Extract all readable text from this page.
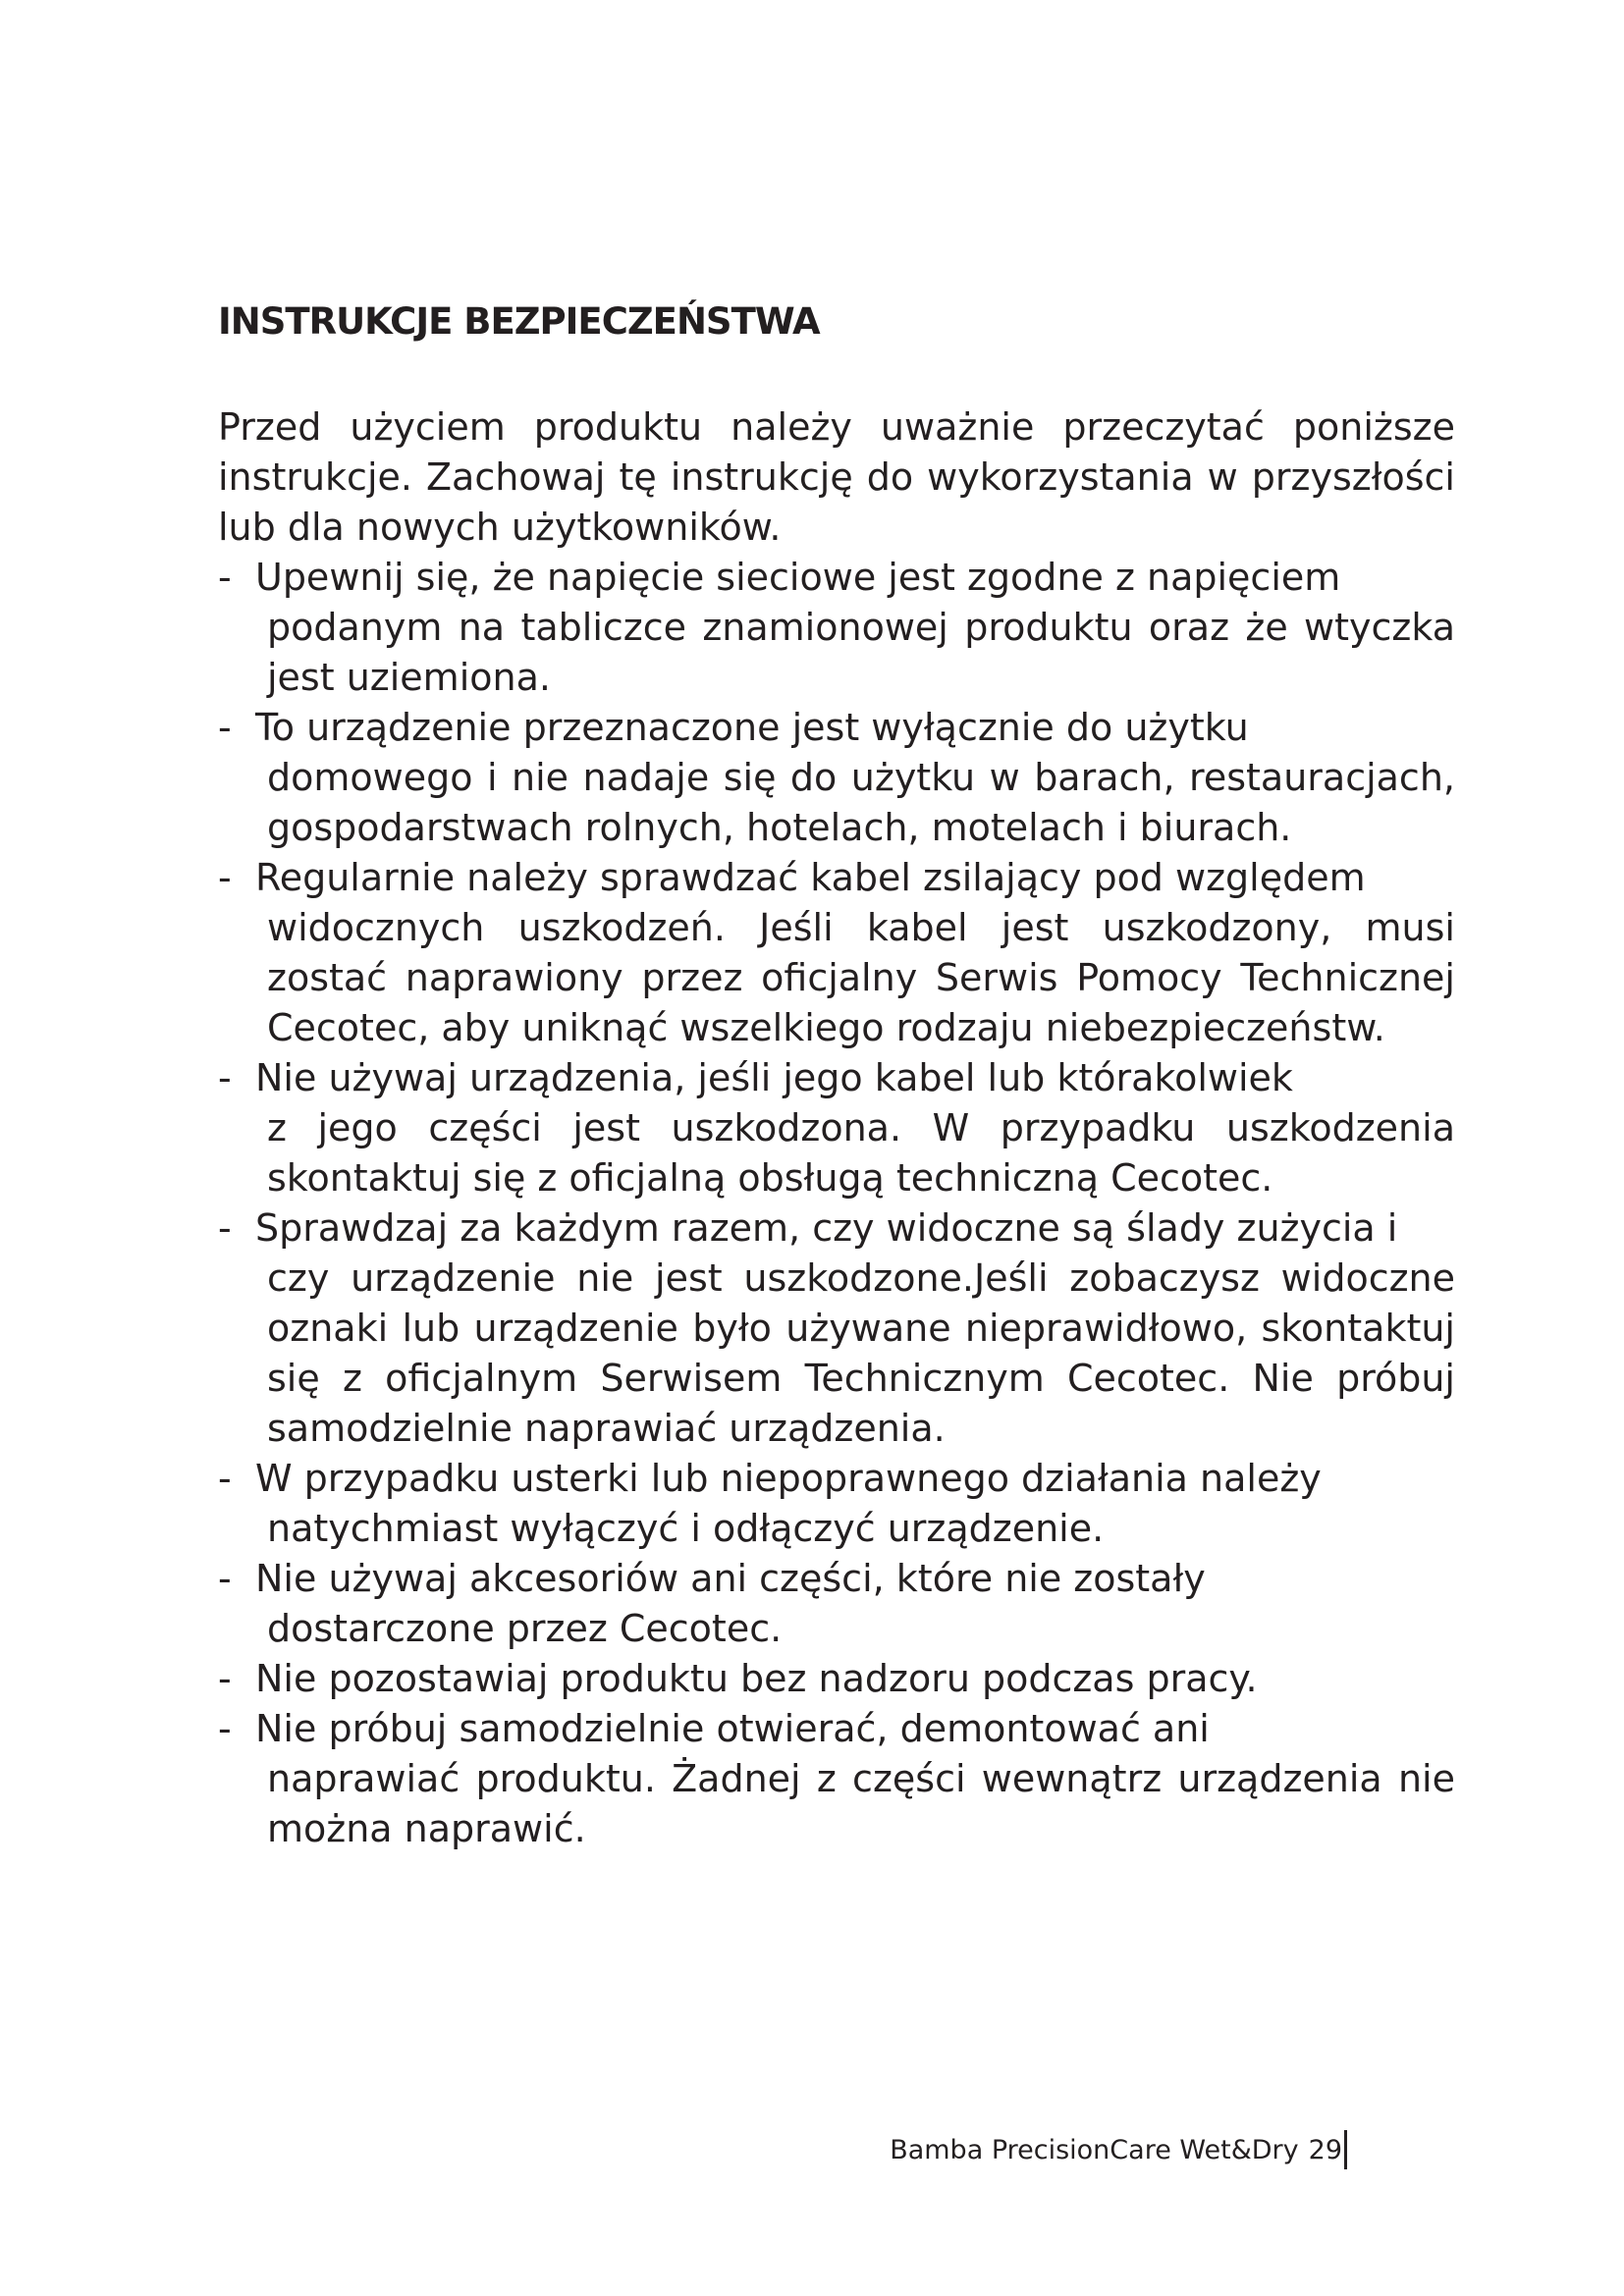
INSTRUKCJE BEZPIECZEŃSTWA

Przed użyciem produktu należy uważnie przeczytać poniższe instrukcje. Zachowaj tę instrukcję do wykorzystania w przyszłości lub dla nowych użytkowników.

- Upewnij się, że napięcie sieciowe jest zgodne z napięciem
podanym na tabliczce znamionowej produktu oraz że wtyczka jest uziemiona.
- To urządzenie przeznaczone jest wyłącznie do użytku
domowego i nie nadaje się do użytku w barach, restauracjach, gospodarstwach rolnych, hotelach, motelach i biurach.
- Regularnie należy sprawdzać kabel zsilający pod względem
widocznych uszkodzeń. Jeśli kabel jest uszkodzony, musi zostać naprawiony przez oficjalny Serwis Pomocy Technicznej Cecotec, aby uniknąć wszelkiego rodzaju niebezpieczeństw.
- Nie używaj urządzenia, jeśli jego kabel lub którakolwiek
z jego części jest uszkodzona. W przypadku uszkodzenia skontaktuj się z oficjalną obsługą techniczną Cecotec.
- Sprawdzaj za każdym razem, czy widoczne są ślady zużycia i
czy urządzenie nie jest uszkodzone.Jeśli zobaczysz widoczne oznaki lub urządzenie było używane nieprawidłowo, skontaktuj się z oficjalnym Serwisem Technicznym Cecotec. Nie próbuj samodzielnie naprawiać urządzenia.
- W przypadku usterki lub niepoprawnego działania należy
natychmiast wyłączyć i odłączyć urządzenie.
- Nie używaj akcesoriów ani części, które nie zostały
dostarczone przez Cecotec.
- Nie pozostawiaj produktu bez nadzoru podczas pracy.
- Nie próbuj samodzielnie otwierać, demontować ani
naprawiać produktu. Żadnej z części wewnątrz urządzenia nie można naprawić.
Bamba PrecisionCare Wet&Dry 29
